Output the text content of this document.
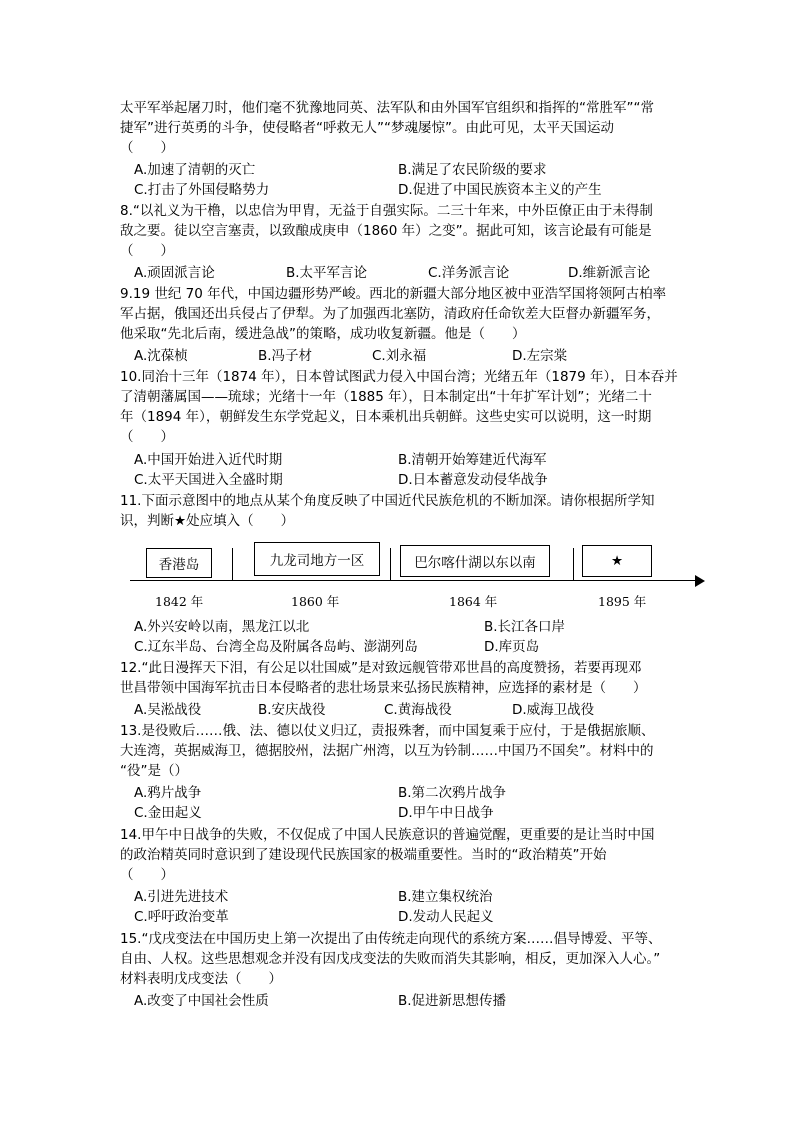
太平军举起屠刀时，他们毫不犹豫地同英、法军队和由外国军官组织和指挥的“常胜军”“常
捷军”进行英勇的斗争，使侵略者“呼救无人”“梦魂屡惊”。由此可见，太平天国运动
（　　）
A.加速了清朝的灭亡	B.满足了农民阶级的要求
C.打击了外国侵略势力	D.促进了中国民族资本主义的产生
8.“以礼义为干橹，以忠信为甲胄，无益于自强实际。二三十年来，中外臣僚正由于未得制
敌之要。徒以空言塞责，以致酿成庚申（1860 年）之变”。据此可知，该言论最有可能是
（　　）
A.顽固派言论	B.太平军言论	C.洋务派言论	D.维新派言论
9.19 世纪 70 年代，中国边疆形势严峻。西北的新疆大部分地区被中亚浩罕国将领阿古柏率
军占据，俄国还出兵侵占了伊犁。为了加强西北塞防，清政府任命钦差大臣督办新疆军务，
他采取“先北后南，缓进急战”的策略，成功收复新疆。他是（　　）
A.沈葆桢	B.冯子材	C.刘永福	D.左宗棠
10.同治十三年（1874 年），日本曾试图武力侵入中国台湾；光绪五年（1879 年），日本吞并
了清朝藩属国——琉球；光绪十一年（1885 年），日本制定出“十年扩军计划”；光绪二十
年（1894 年），朝鲜发生东学党起义，日本乘机出兵朝鲜。这些史实可以说明，这一时期
（　　）
A.中国开始进入近代时期	B.清朝开始筹建近代海军
C.太平天国进入全盛时期	D.日本蓄意发动侵华战争
11.下面示意图中的地点从某个角度反映了中国近代民族危机的不断加深。请你根据所学知
识，判断★处应填入（　　）
香港岛	九龙司地方一区	巴尔喀什湖以东以南	★
1842 年	1860 年	1864 年	1895 年
A.外兴安岭以南，黑龙江以北	B.长江各口岸
C.辽东半岛、台湾全岛及附属各岛屿、澎湖列岛	D.库页岛
12.“此日漫挥天下泪，有公足以壮国威”是对致远舰管带邓世昌的高度赞扬，若要再现邓
世昌带领中国海军抗击日本侵略者的悲壮场景来弘扬民族精神，应选择的素材是（　　）
A.吴淞战役	B.安庆战役	C.黄海战役	D.威海卫战役
13.是役败后……俄、法、德以仗义归辽，责报殊奢，而中国复乘于应付，于是俄据旅顺、
大连湾，英据威海卫，德据胶州，法据广州湾，以互为钤制……中国乃不国矣”。材料中的
“役”是（）
A.鸦片战争	B.第二次鸦片战争
C.金田起义	D.甲午中日战争
14.甲午中日战争的失败，不仅促成了中国人民族意识的普遍觉醒，更重要的是让当时中国
的政治精英同时意识到了建设现代民族国家的极端重要性。当时的“政治精英”开始
（　　）
A.引进先进技术	B.建立集权统治
C.呼吁政治变革	D.发动人民起义
15.“戊戌变法在中国历史上第一次提出了由传统走向现代的系统方案……倡导博爱、平等、
自由、人权。这些思想观念并没有因戊戌变法的失败而消失其影响，相反，更加深入人心。”
材料表明戊戌变法（　　）
A.改变了中国社会性质	B.促进新思想传播
